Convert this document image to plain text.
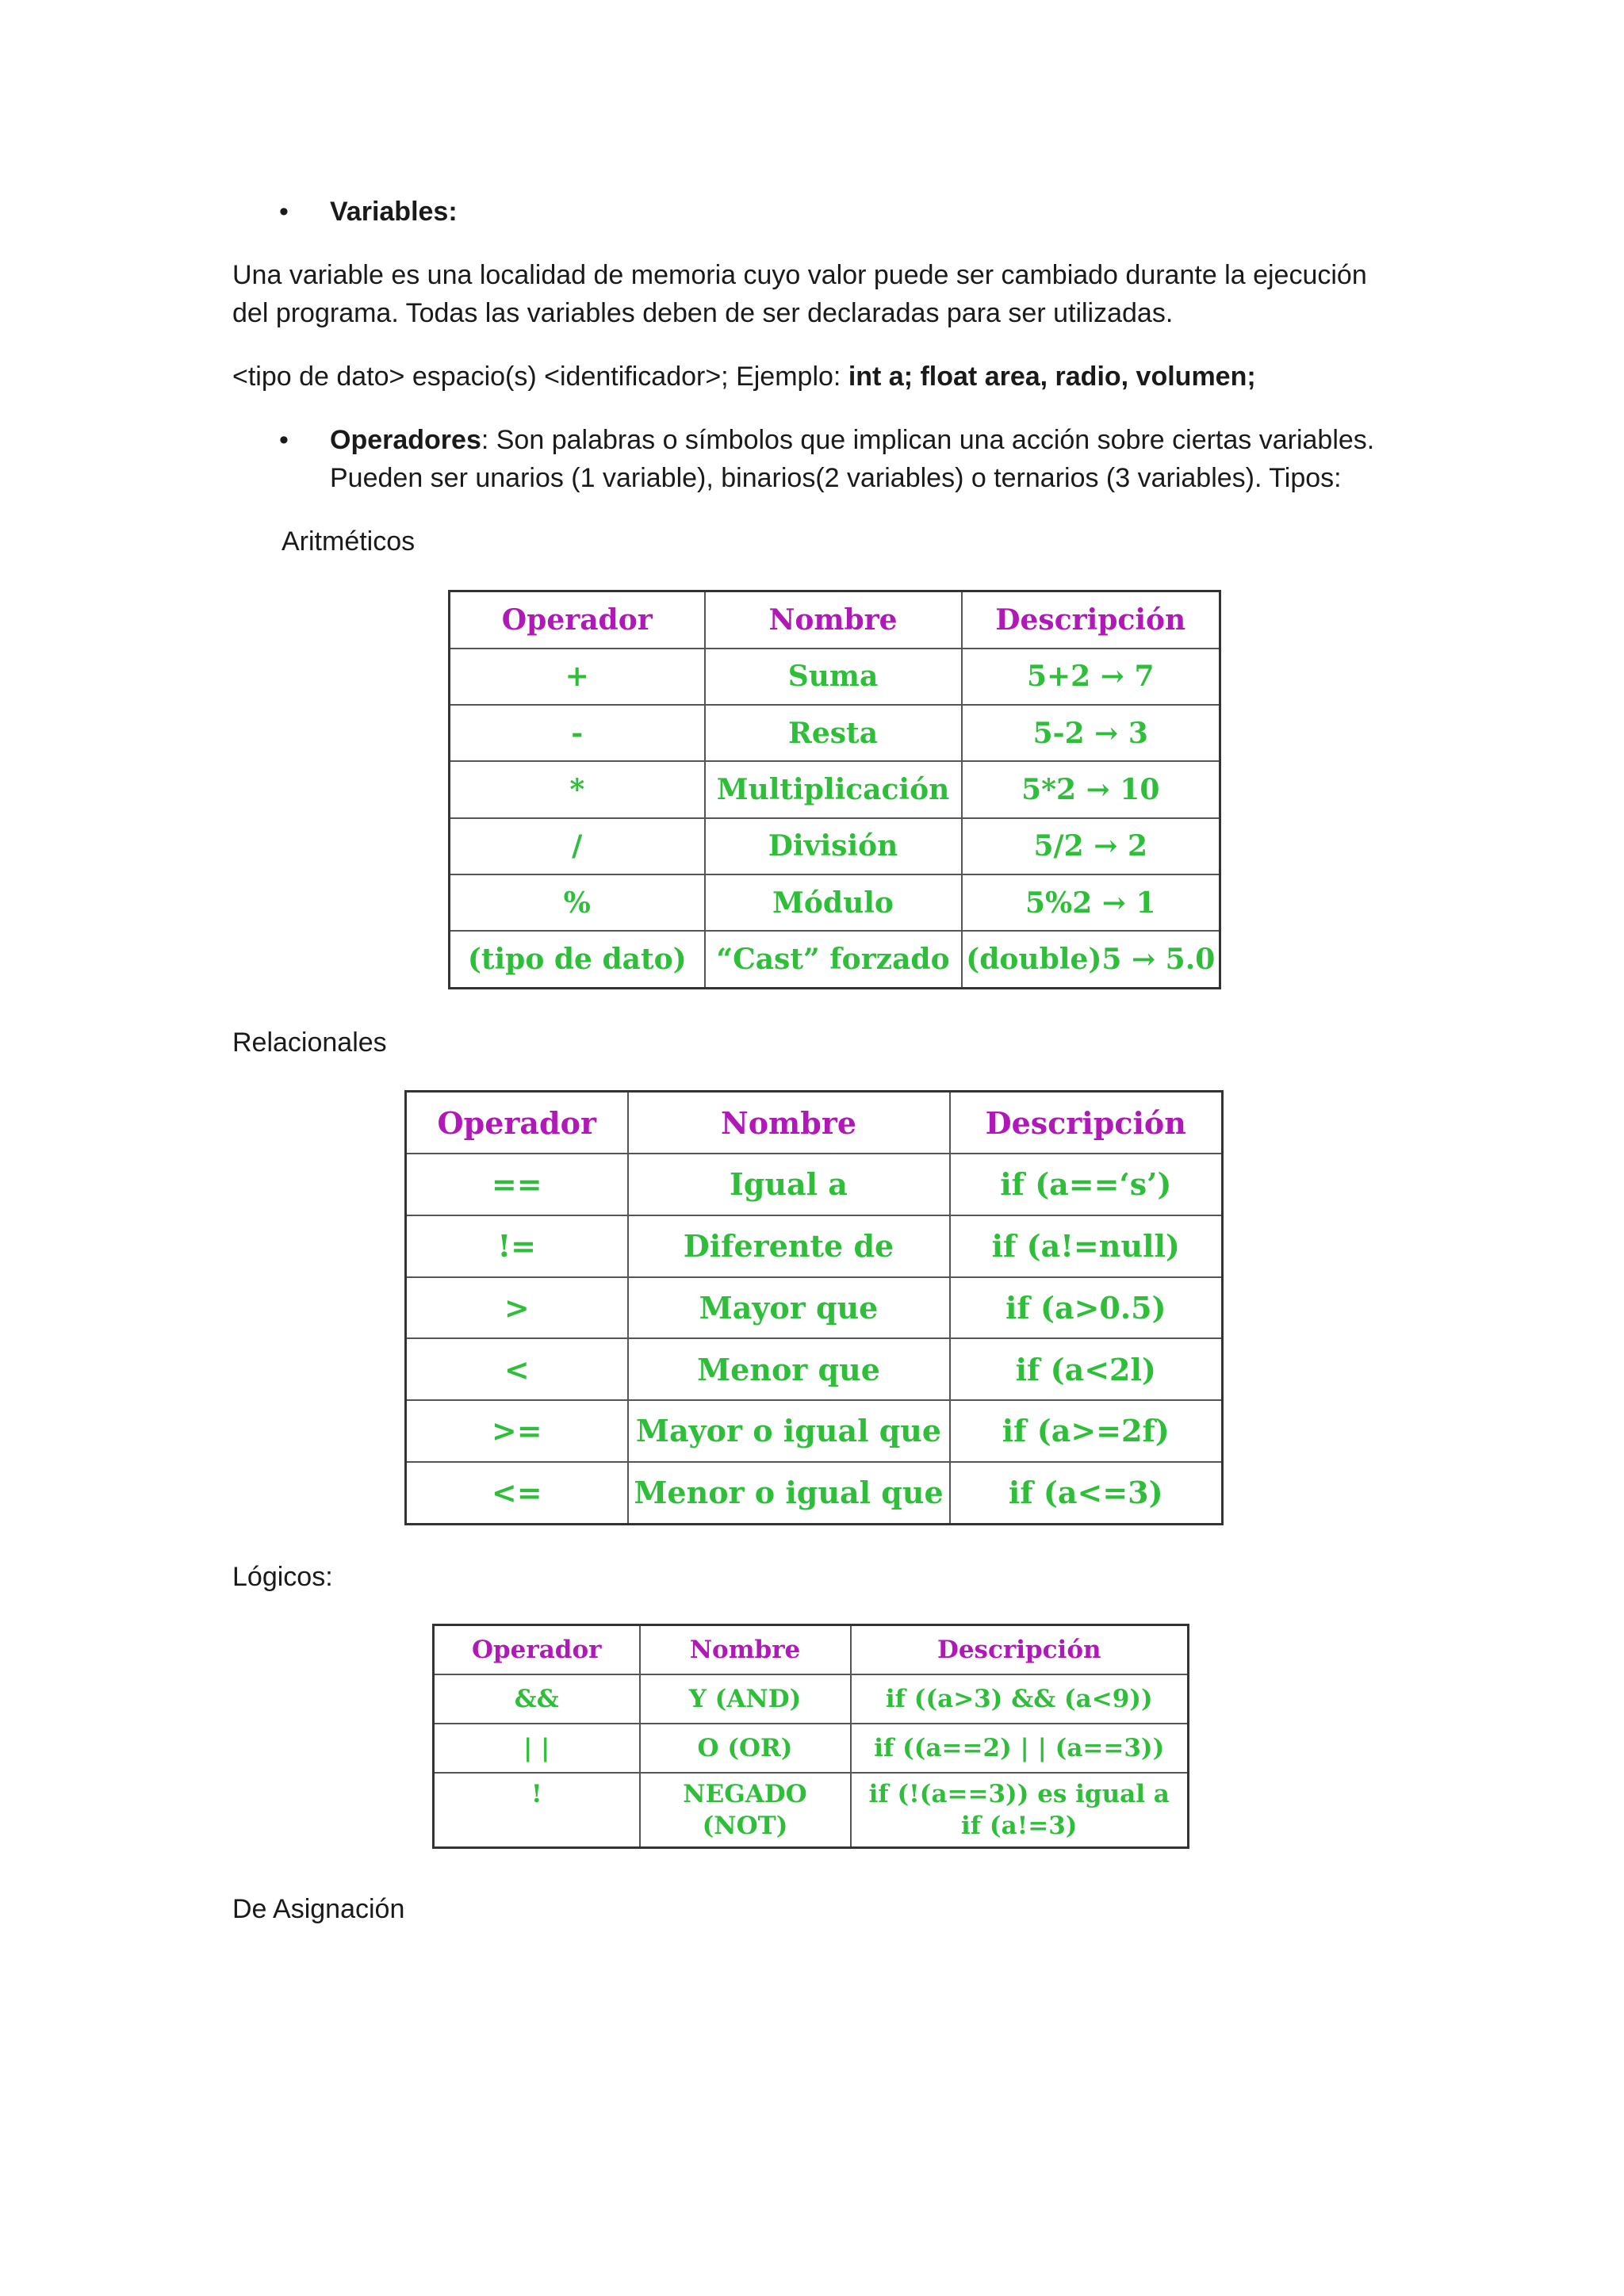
• Variables:
Una variable es una localidad de memoria cuyo valor puede ser cambiado durante la ejecución
del programa. Todas las variables deben de ser declaradas para ser utilizadas.
<tipo de dato> espacio(s) <identificador>; Ejemplo: int a; float area, radio, volumen;
• Operadores: Son palabras o símbolos que implican una acción sobre ciertas variables.
Pueden ser unarios (1 variable), binarios(2 variables) o ternarios (3 variables). Tipos:
Aritméticos
Operador	Nombre	Descripción
+	Suma	5+2 → 7
-	Resta	5-2 → 3
*	Multiplicación	5*2 → 10
/	División	5/2 → 2
%	Módulo	5%2 → 1
(tipo de dato)	“Cast” forzado	(double)5 → 5.0
Relacionales
Operador	Nombre	Descripción
==	Igual a	if (a==‘s’)
!=	Diferente de	if (a!=null)
>	Mayor que	if (a>0.5)
<	Menor que	if (a<2l)
>=	Mayor o igual que	if (a>=2f)
<=	Menor o igual que	if (a<=3)
Lógicos:
Operador	Nombre	Descripción
&&	Y (AND)	if ((a>3) && (a<9))
| |	O (OR)	if ((a==2) | | (a==3))
!	NEGADO (NOT)	if (!(a==3)) es igual a if (a!=3)
De Asignación
